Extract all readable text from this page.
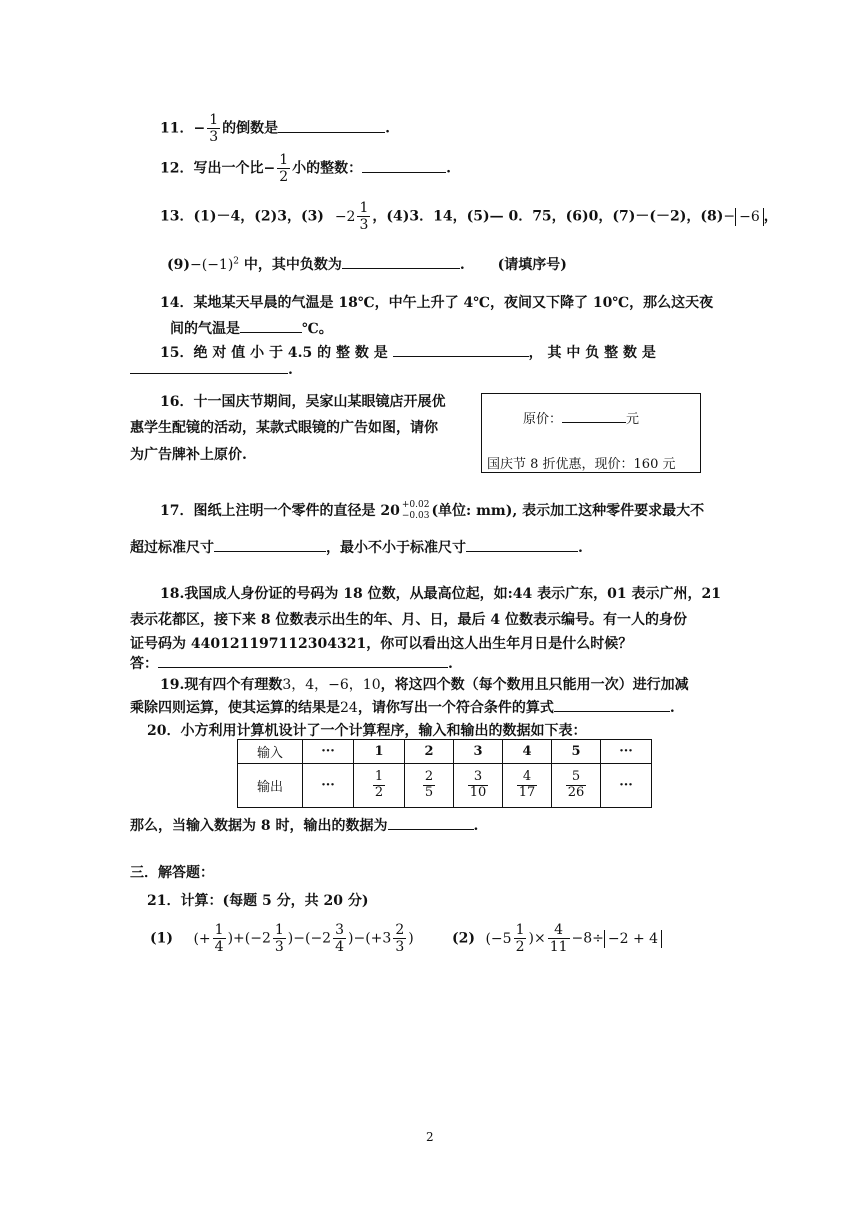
11．− $\frac{1}{3}$ 的倒数是	.
12．写出一个比− $\frac{1}{2}$ 小的整数：	.
13．(1)－4，(2)3，$(3) -2 \frac{1}{3}$ ，(4)3．14，(5)— 0．75，(6)0，(7)－(－2)，(8)− −6 ，
$(9)-(-1)^2$ 中，其中负数为	. (请填序号)
14．某地某天早晨的气温是 18℃，中午上升了 4℃，夜间又下降了 10℃，那么这天夜
间的气温是	℃。
15．绝 对 值 小 于 4.5 的 整 数 是	， 其 中 负 整 数 是
.
16．十一国庆节期间，吴家山某眼镜店开展优
惠学生配镜的活动，某款式眼镜的广告如图，请你
为广告牌补上原价.
原价：	元
国庆节 8 折优惠，现价：160 元
17．图纸上注明一个零件的直径是 20 +0.02
−0.03 (单位: mm), 表示加工这种零件要求最大不
超过标准尺寸	，最小不小于标准尺寸	.
18.我国成人身份证的号码为 18 位数，从最高位起，如:44 表示广东，01 表示广州，21
表示花都区，接下来 8 位数表示出生的年、月、日，最后 4 位数表示编号。有一人的身份
证号码为 440121197112304321，你可以看出这人出生年月日是什么时候？
答：	.
19.现有四个有理数3，4，−6，10，将这四个数（每个数用且只能用一次）进行加减
乘除四则运算，使其运算的结果是24，请你写出一个符合条件的算式	.
20．小方利用计算机设计了一个计算程序，输入和输出的数据如下表：
输入	···	1	2	3	4	5	···
输出	···	$\frac{1}{2}$	$\frac{2}{5}$	$\frac{3}{10}$	$\frac{4}{17}$	$\frac{5}{26}$	···
那么，当输入数据为 8 时，输出的数据为	.
三．解答题：
21．计算：(每题 5 分，共 20 分)
(1) (+ $\frac{1}{4} )+(-2 \frac{1}{3} )-(-2 \frac{3}{4} )-(+3 \frac{2}{3}$ )	(2) ($-5 \frac{1}{2}$ )× $\frac{4}{11} -8\div -2 + 4$
2
